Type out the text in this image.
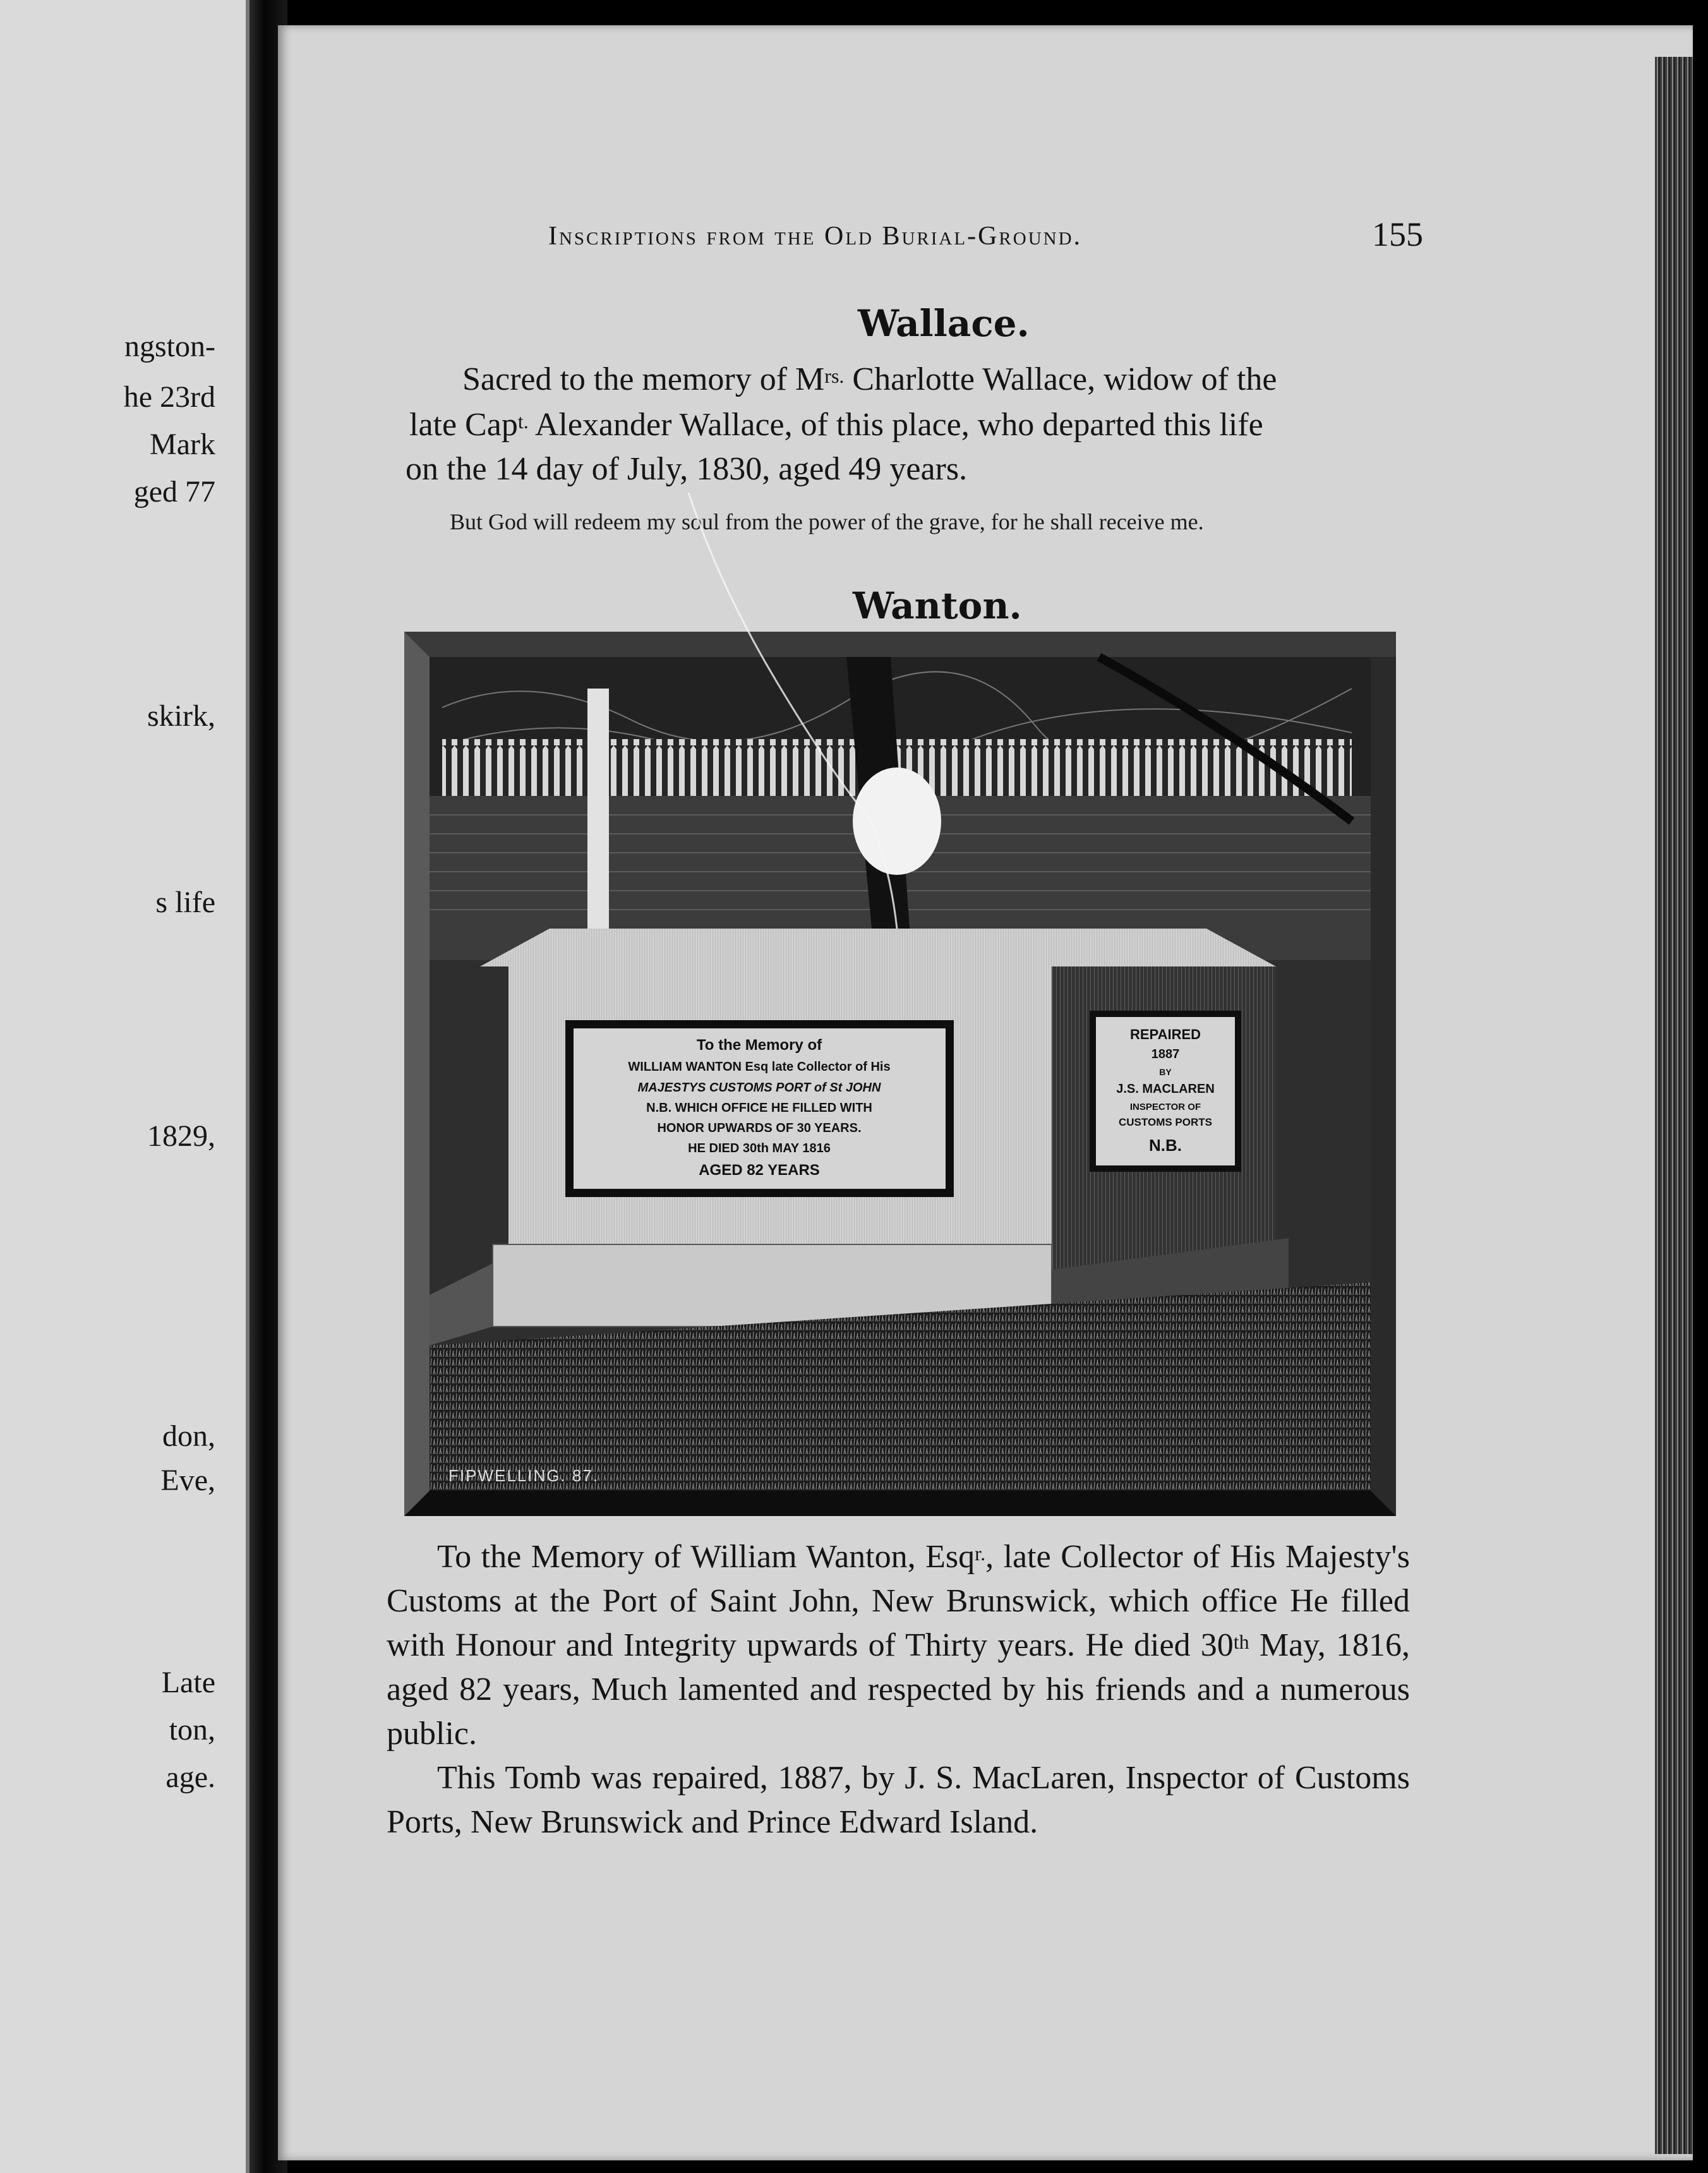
ngston-
he 23rd
Mark
ged 77
skirk,
s life
1829,
don,
Eve,
Late
ton,
age.
Inscriptions from the Old Burial-Ground.	155
Wallace.
Sacred to the memory of $M^{rs.}$ Charlotte Wallace, widow of the
late Cap$^{t.}$ Alexander Wallace, of this place, who departed this life
on the 14 day of July, 1830, aged 49 years.
But God will redeem my soul from the power of the grave, for he shall receive me.
Wanton.
To the Memory of
WILLIAM WANTON Esq late Collector of His
MAJESTYS CUSTOMS PORT of St JOHN
N.B. WHICH OFFICE HE FILLED WITH
HONOR UPWARDS OF 30 YEARS.
HE DIED 30th MAY 1816
AGED 82 YEARS
REPAIRED
1887
BY
J.S. MACLAREN
INSPECTOR OF
CUSTOMS PORTS
N.B.
FIPWELLING. 87.

To the Memory of William Wanton, Esq$^{r.}$, late Collector of His Majesty's Customs at the Port of Saint John, New Brunswick, which office He filled with Honour and Integrity upwards of Thirty years. He died 30th May, 1816, aged 82 years, Much lamented and respected by his friends and a numerous public.

This Tomb was repaired, 1887, by J. S. MacLaren, Inspector of Customs Ports, New Brunswick and Prince Edward Island.
